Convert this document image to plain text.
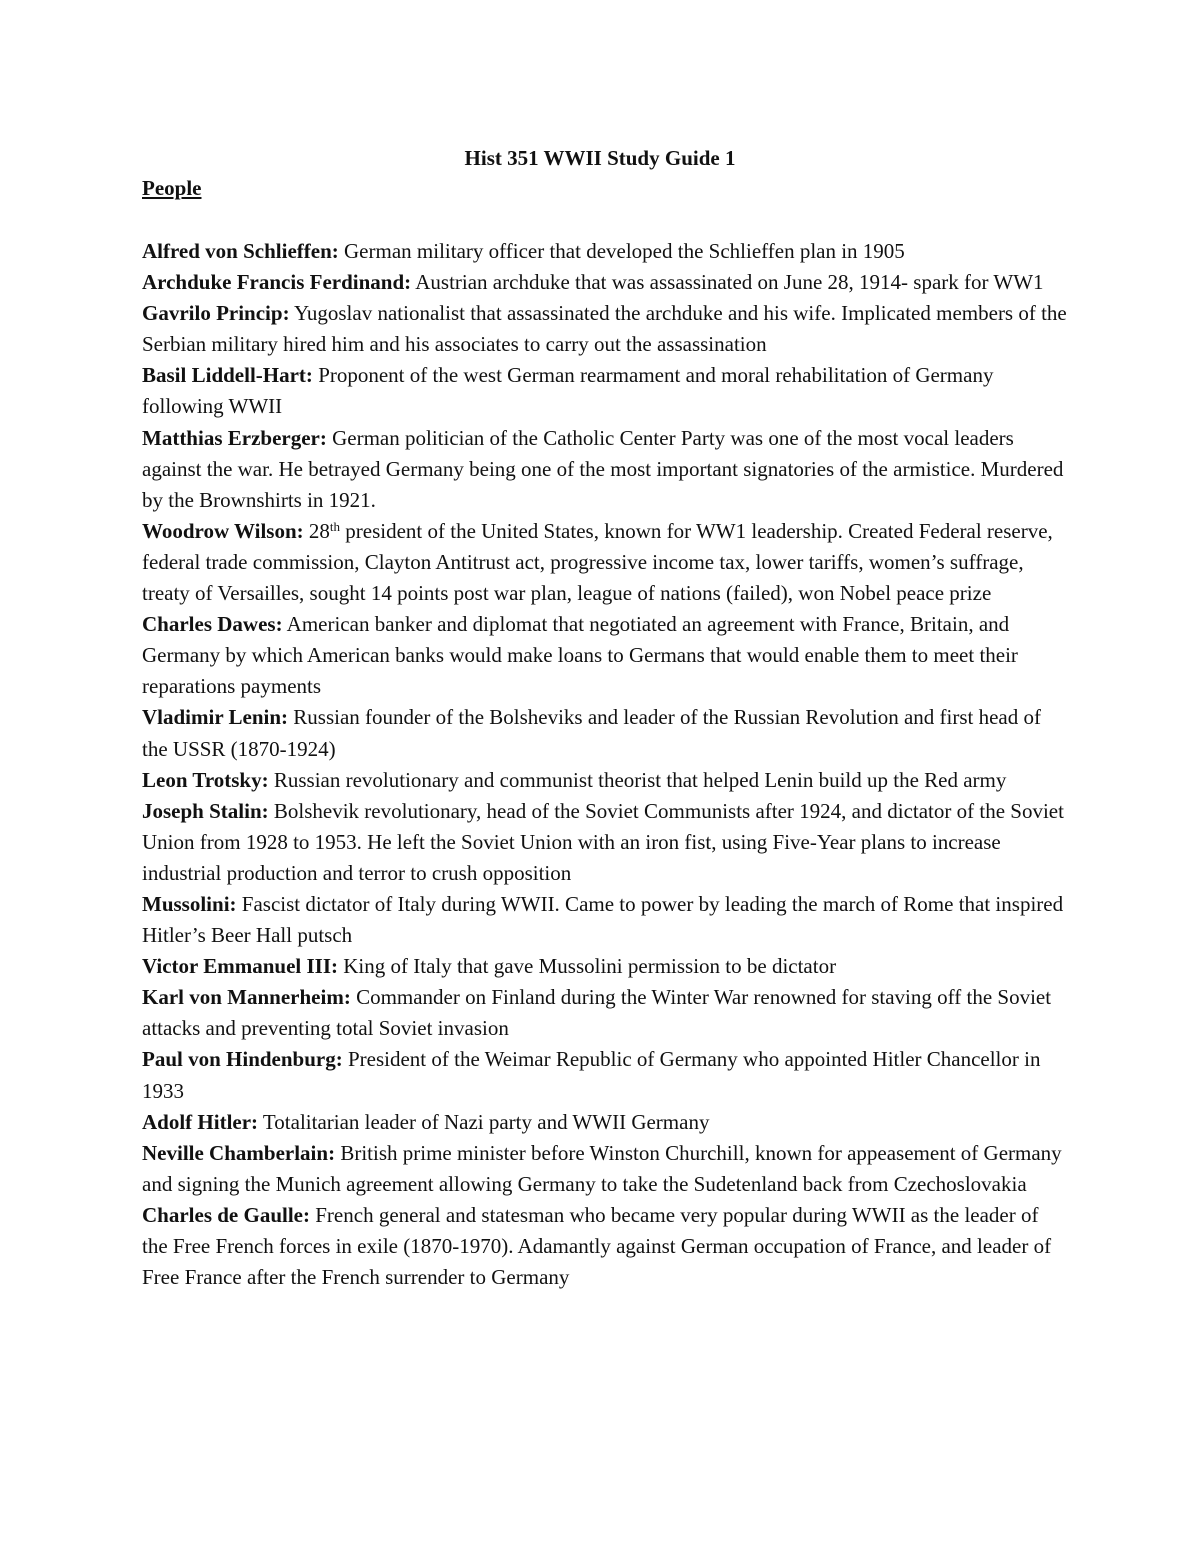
Hist 351 WWII Study Guide 1
People
Alfred von Schlieffen: German military officer that developed the Schlieffen plan in 1905
Archduke Francis Ferdinand: Austrian archduke that was assassinated on June 28, 1914- spark for WW1
Gavrilo Princip: Yugoslav nationalist that assassinated the archduke and his wife. Implicated members of the Serbian military hired him and his associates to carry out the assassination
Basil Liddell-Hart: Proponent of the west German rearmament and moral rehabilitation of Germany following WWII
Matthias Erzberger: German politician of the Catholic Center Party was one of the most vocal leaders against the war. He betrayed Germany being one of the most important signatories of the armistice. Murdered by the Brownshirts in 1921.
Woodrow Wilson: 28th president of the United States, known for WW1 leadership. Created Federal reserve, federal trade commission, Clayton Antitrust act, progressive income tax, lower tariffs, women’s suffrage, treaty of Versailles, sought 14 points post war plan, league of nations (failed), won Nobel peace prize
Charles Dawes: American banker and diplomat that negotiated an agreement with France, Britain, and Germany by which American banks would make loans to Germans that would enable them to meet their reparations payments
Vladimir Lenin: Russian founder of the Bolsheviks and leader of the Russian Revolution and first head of the USSR (1870-1924)
Leon Trotsky: Russian revolutionary and communist theorist that helped Lenin build up the Red army
Joseph Stalin: Bolshevik revolutionary, head of the Soviet Communists after 1924, and dictator of the Soviet Union from 1928 to 1953. He left the Soviet Union with an iron fist, using Five-Year plans to increase industrial production and terror to crush opposition
Mussolini: Fascist dictator of Italy during WWII. Came to power by leading the march of Rome that inspired Hitler’s Beer Hall putsch
Victor Emmanuel III: King of Italy that gave Mussolini permission to be dictator
Karl von Mannerheim: Commander on Finland during the Winter War renowned for staving off the Soviet attacks and preventing total Soviet invasion
Paul von Hindenburg: President of the Weimar Republic of Germany who appointed Hitler Chancellor in 1933
Adolf Hitler: Totalitarian leader of Nazi party and WWII Germany
Neville Chamberlain: British prime minister before Winston Churchill, known for appeasement of Germany and signing the Munich agreement allowing Germany to take the Sudetenland back from Czechoslovakia
Charles de Gaulle: French general and statesman who became very popular during WWII as the leader of the Free French forces in exile (1870-1970). Adamantly against German occupation of France, and leader of Free France after the French surrender to Germany
